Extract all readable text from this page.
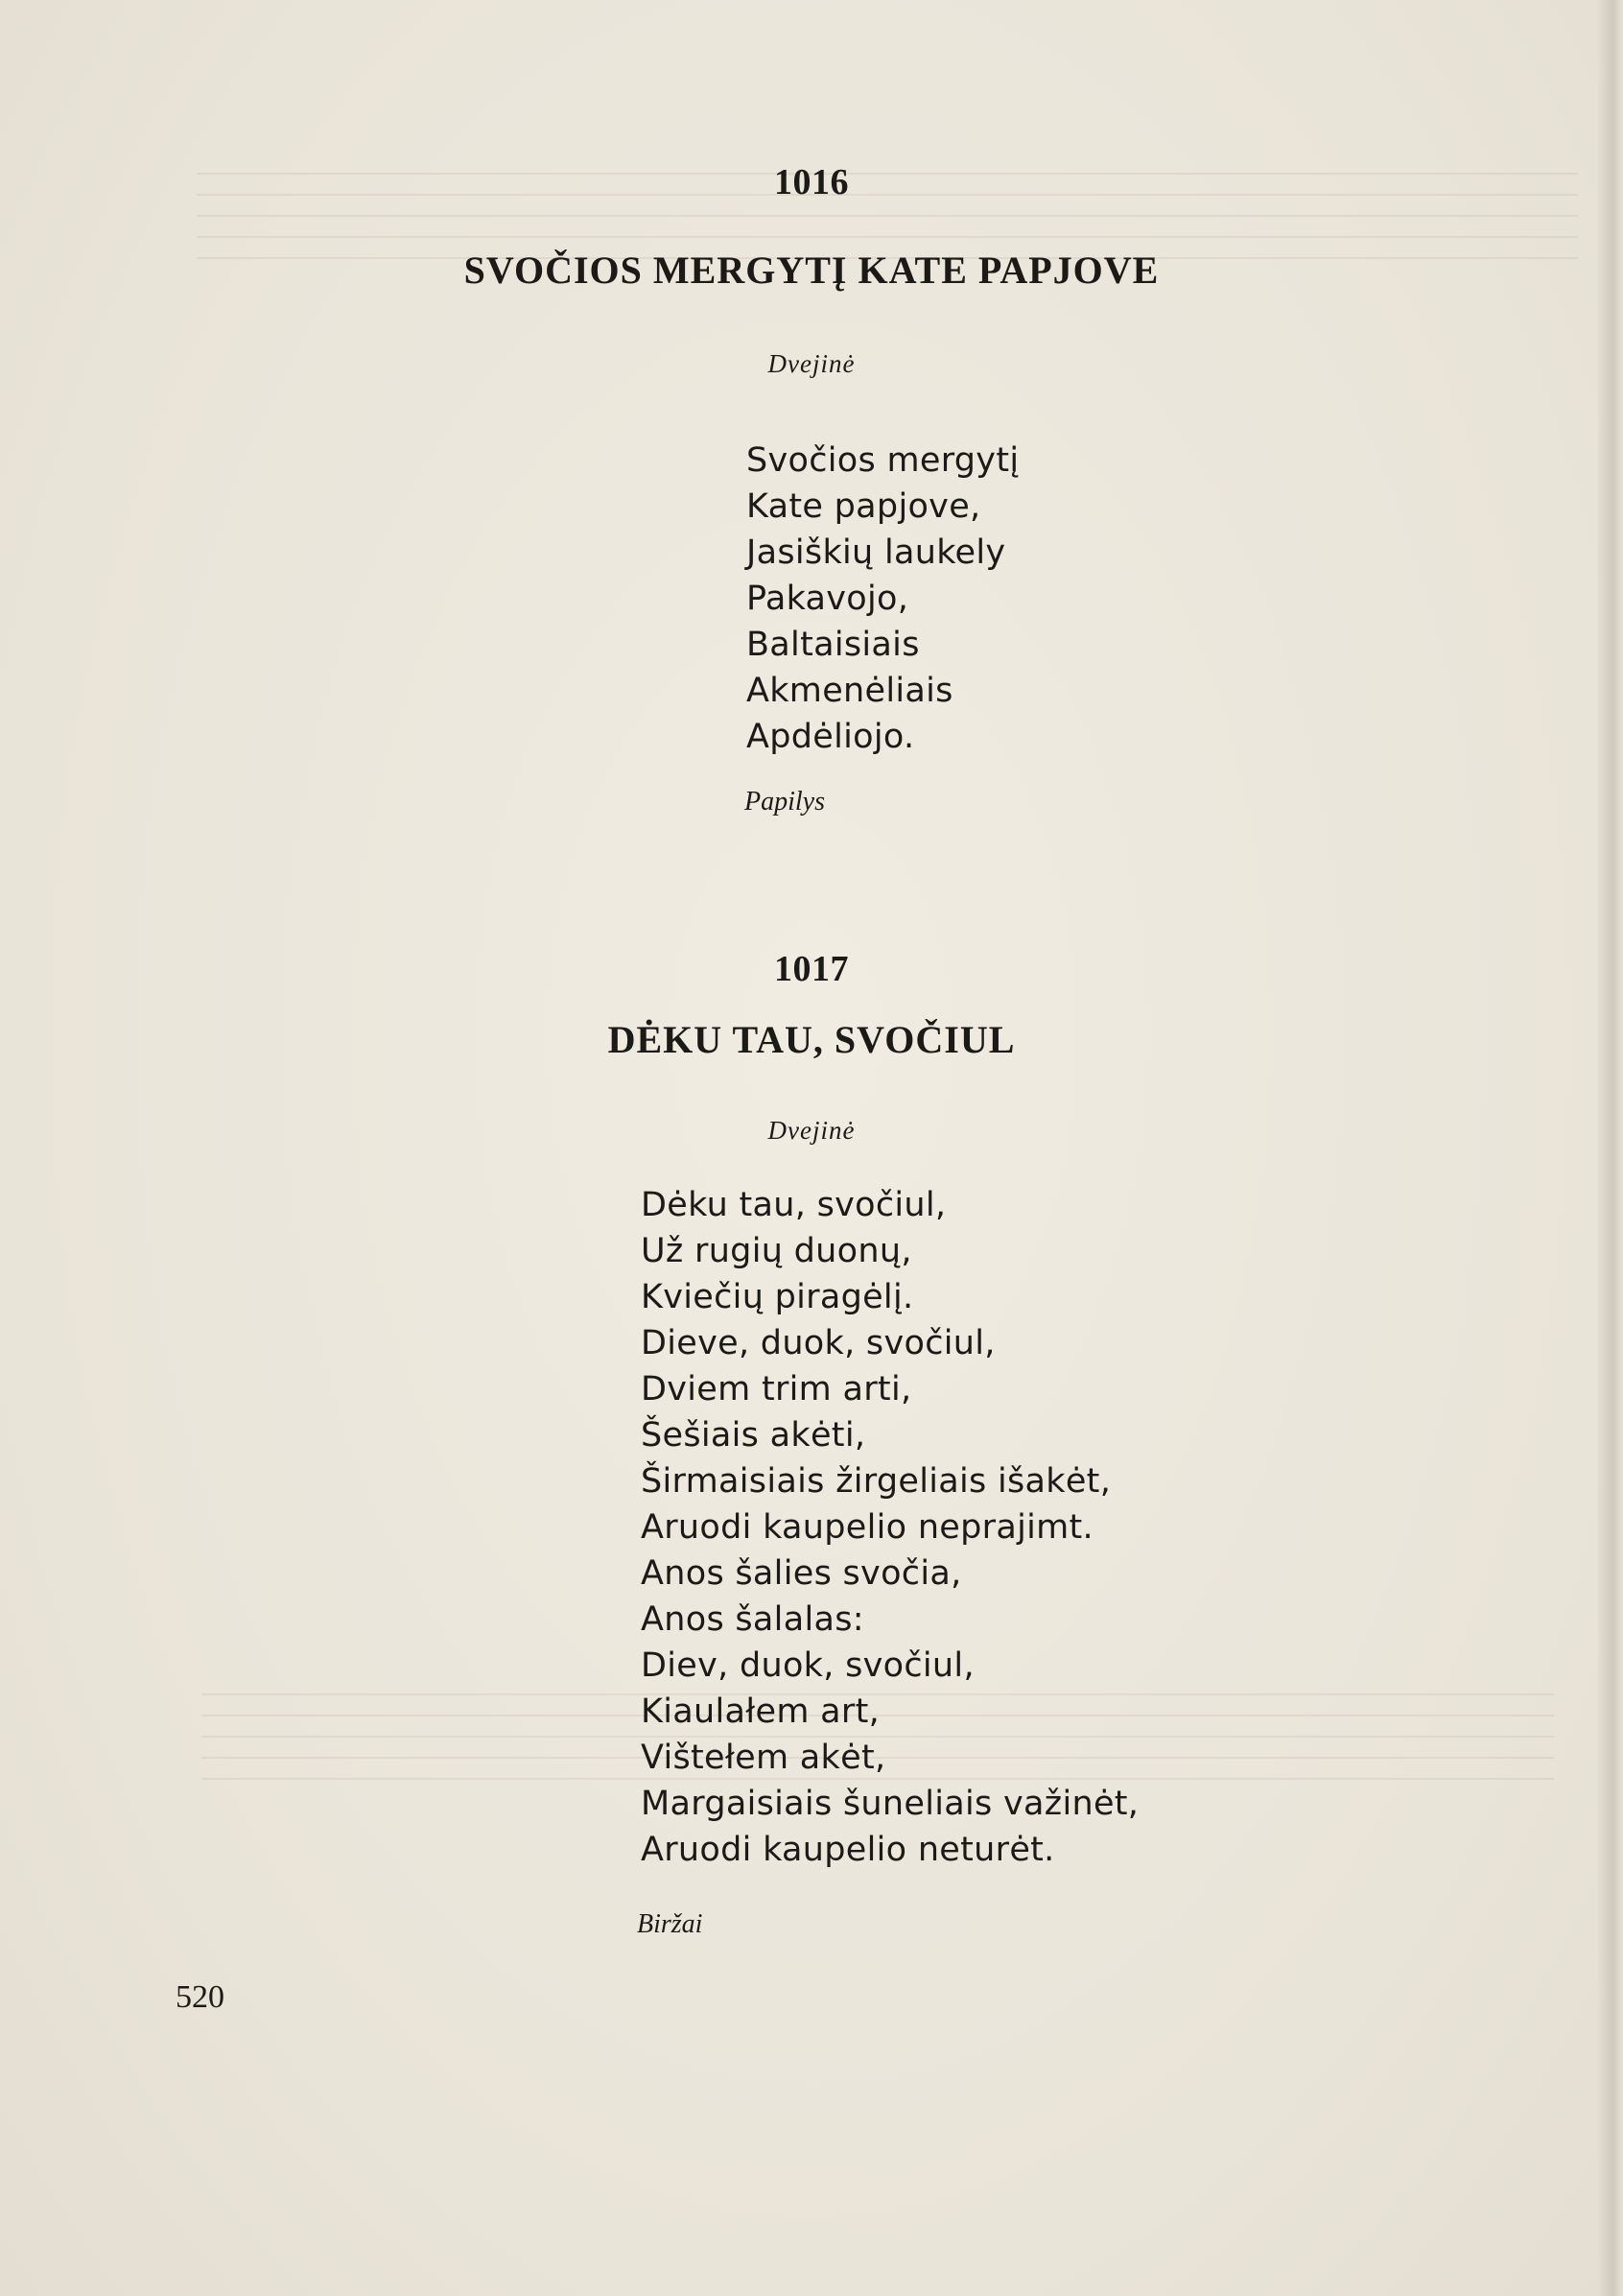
1016
SVOČIOS MERGYTĮ KATE PAPJOVE
Dvejinė
Svočios mergytį
Kate papjove,
Jasiškių laukely
Pakavojo,
Baltaisiais
Akmenėliais
Apdėliojo.
Papilys
1017
DĖKU TAU, SVOČIUL
Dvejinė
Dėku tau, svočiul,
Už rugių duonų,
Kviečių piragėlį.
Dieve, duok, svočiul,
Dviem trim arti,
Šešiais akėti,
Širmaisiais žirgeliais išakėt,
Aruodi kaupelio neprajimt.
Anos šalies svočia,
Anos šalalas:
Diev, duok, svočiul,
Kiaulałem art,
Vištełem akėt,
Margaisiais šuneliais važinėt,
Aruodi kaupelio neturėt.
Biržai
520
